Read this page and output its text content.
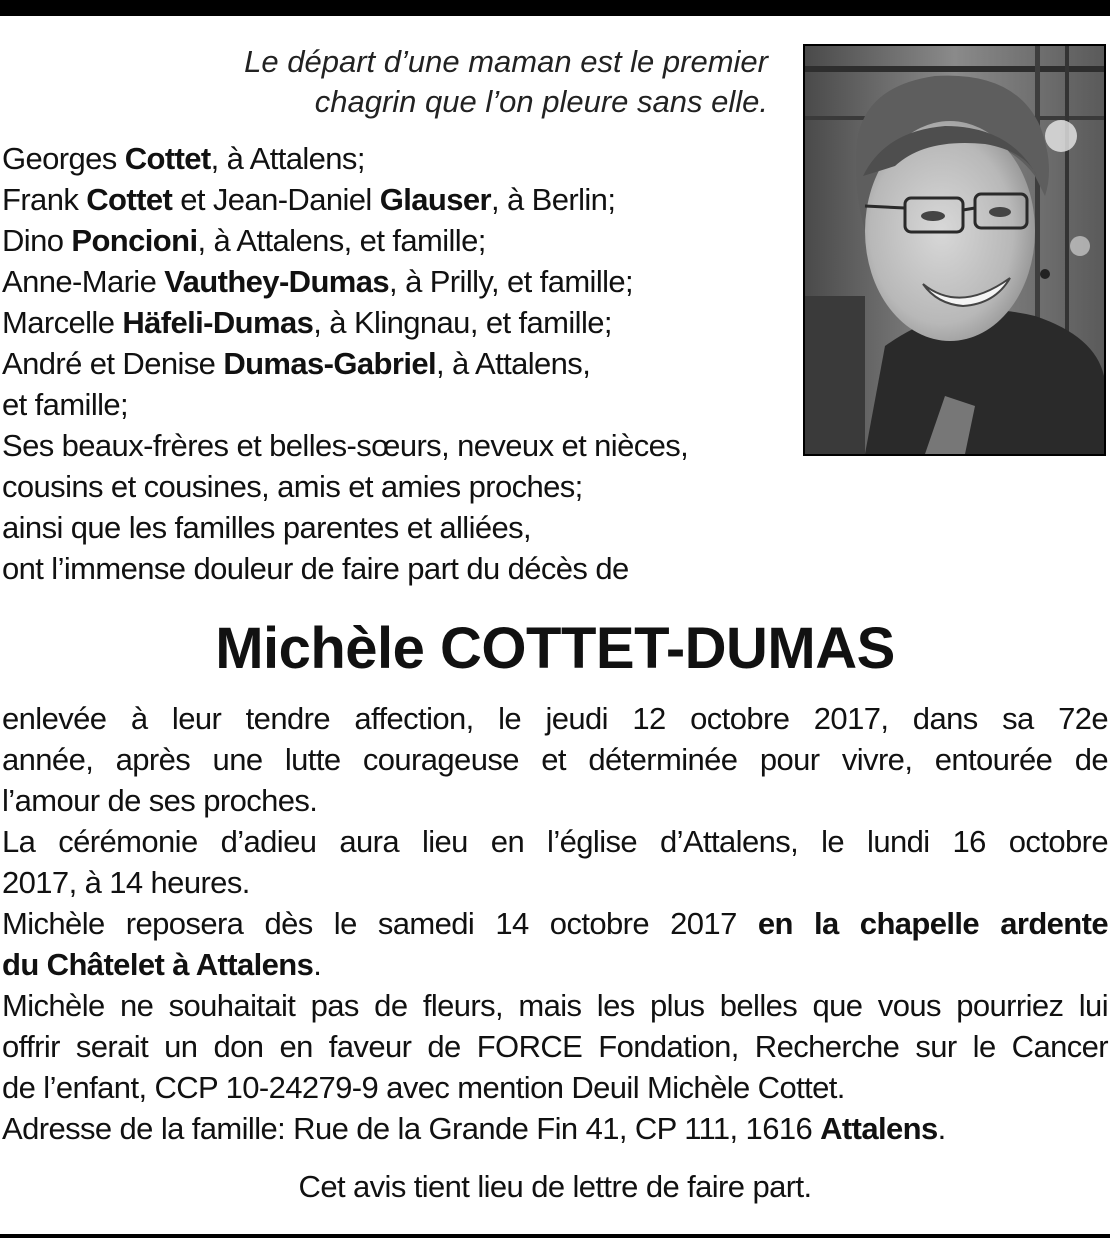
Le départ d’une maman est le premier
chagrin que l’on pleure sans elle.
Georges Cottet, à Attalens;
Frank Cottet et Jean-Daniel Glauser, à Berlin;
Dino Poncioni, à Attalens, et famille;
Anne-Marie Vauthey-Dumas, à Prilly, et famille;
Marcelle Häfeli-Dumas, à Klingnau, et famille;
André et Denise Dumas-Gabriel, à Attalens,
et famille;
Ses beaux-frères et belles-sœurs, neveux et nièces,
cousins et cousines, amis et amies proches;
ainsi que les familles parentes et alliées,
ont l’immense douleur de faire part du décès de
Michèle COTTET-DUMAS
enlevée à leur tendre affection, le jeudi 12 octobre 2017, dans sa 72e
année, après une lutte courageuse et déterminée pour vivre, entourée de
l’amour de ses proches.
La cérémonie d’adieu aura lieu en l’église d’Attalens, le lundi 16 octobre
2017, à 14 heures.
Michèle reposera dès le samedi 14 octobre 2017 en la chapelle ardente
du Châtelet à Attalens.
Michèle ne souhaitait pas de fleurs, mais les plus belles que vous pourriez lui
offrir serait un don en faveur de FORCE Fondation, Recherche sur le Cancer
de l’enfant, CCP 10-24279-9 avec mention Deuil Michèle Cottet.
Adresse de la famille: Rue de la Grande Fin 41, CP 111, 1616 Attalens.
Cet avis tient lieu de lettre de faire part.
